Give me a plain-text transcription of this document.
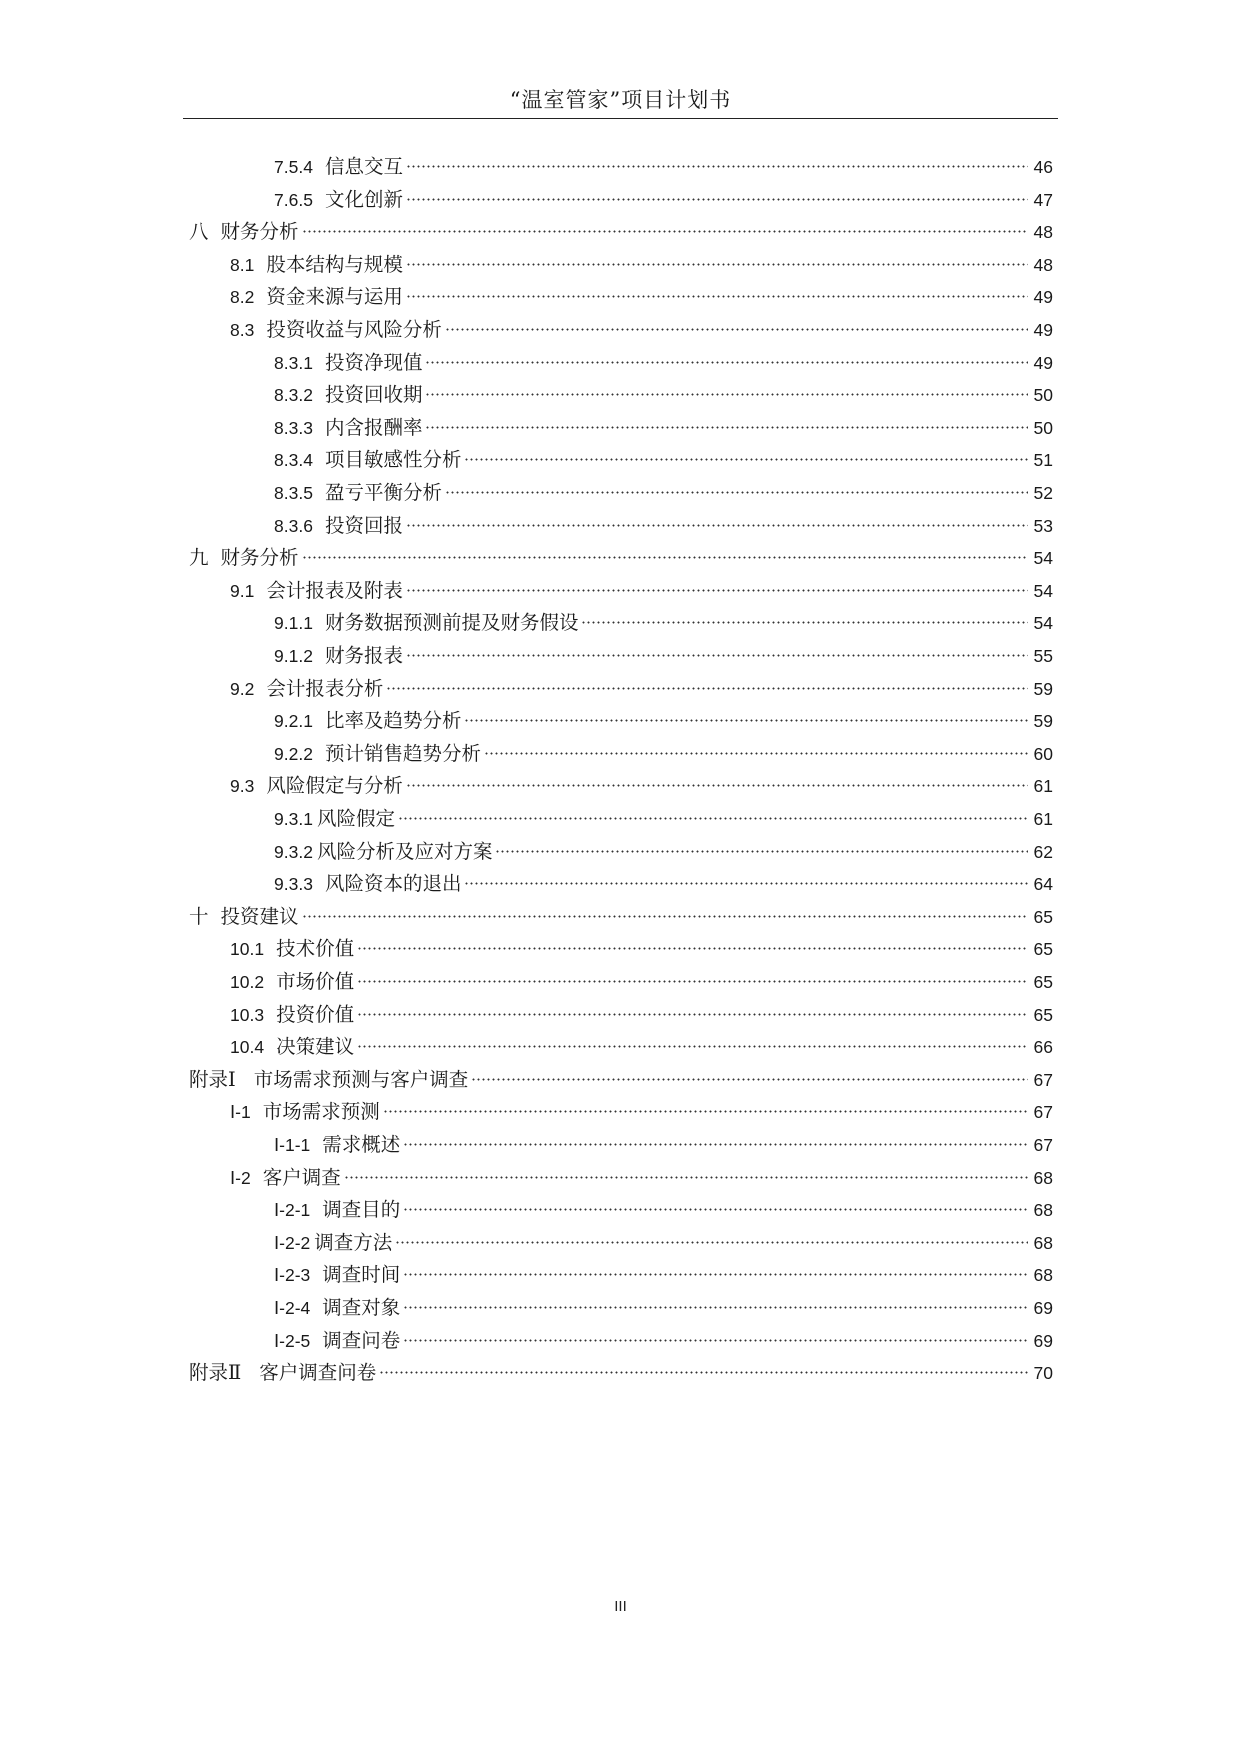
“温室管家”项目计划书
7.5.4 信息交互	46
7.6.5 文化创新	47
八 财务分析	48
8.1 股本结构与规模	48
8.2 资金来源与运用	49
8.3 投资收益与风险分析	49
8.3.1 投资净现值	49
8.3.2 投资回收期	50
8.3.3 内含报酬率	50
8.3.4 项目敏感性分析	51
8.3.5 盈亏平衡分析	52
8.3.6 投资回报	53
九 财务分析	54
9.1 会计报表及附表	54
9.1.1 财务数据预测前提及财务假设	54
9.1.2 财务报表	55
9.2 会计报表分析	59
9.2.1 比率及趋势分析	59
9.2.2 预计销售趋势分析	60
9.3 风险假定与分析	61
9.3.1 风险假定	61
9.3.2 风险分析及应对方案	62
9.3.3 风险资本的退出	64
十 投资建议	65
10.1 技术价值	65
10.2 市场价值	65
10.3 投资价值	65
10.4 决策建议	66
附录Ⅰ 市场需求预测与客户调查	67
Ⅰ-1 市场需求预测	67
Ⅰ-1-1 需求概述	67
Ⅰ-2 客户调查	68
Ⅰ-2-1 调查目的	68
Ⅰ-2-2 调查方法	68
Ⅰ-2-3 调查时间	68
Ⅰ-2-4 调查对象	69
Ⅰ-2-5 调查问卷	69
附录Ⅱ 客户调查问卷	70
III
